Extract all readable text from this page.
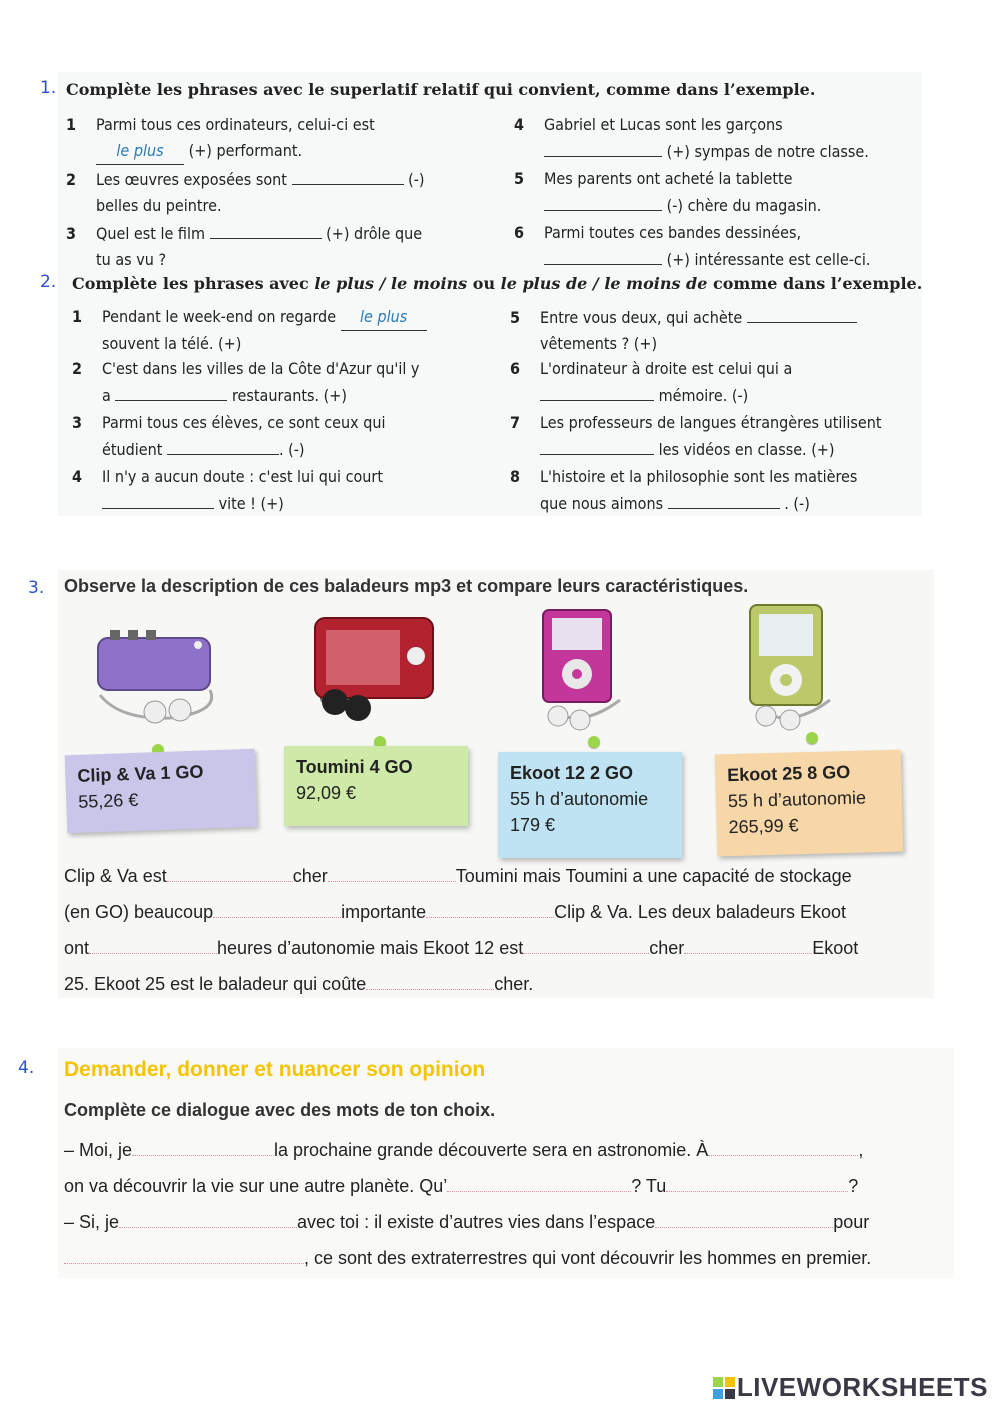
1. Complète les phrases avec le superlatif relatif qui convient, comme dans l’exemple.
1 Parmi tous ces ordinateurs, celui-ci est
le plus (+) performant.
2 Les œuvres exposées sont	(-)
belles du peintre.
3 Quel est le film	(+) drôle que
tu as vu ?
4 Gabriel et Lucas sont les garçons
(+) sympas de notre classe.
5 Mes parents ont acheté la tablette
(-) chère du magasin.
6 Parmi toutes ces bandes dessinées,
(+) intéressante est celle-ci.
2. Complète les phrases avec le plus / le moins ou le plus de / le moins de comme dans l’exemple.
1 Pendant le week-end on regarde le plus
souvent la télé. (+)
2 C'est dans les villes de la Côte d'Azur qu'il y
a	restaurants. (+)
3 Parmi tous ces élèves, ce sont ceux qui
étudient	. (-)
4 Il n'y a aucun doute : c'est lui qui court
vite ! (+)
5 Entre vous deux, qui achète
vêtements ? (+)
6 L'ordinateur à droite est celui qui a
mémoire. (-)
7 Les professeurs de langues étrangères utilisent
les vidéos en classe. (+)
8 L'histoire et la philosophie sont les matières
que nous aimons	. (-)
3. Observe la description de ces baladeurs mp3 et compare leurs caractéristiques.
Clip & Va 1 GO
55,26 €
Toumini 4 GO
92,09 €
Ekoot 12 2 GO
55 h d’autonomie
179 €
Ekoot 25 8 GO
55 h d’autonomie
265,99 €
Clip & Va est	cher	Toumini mais Toumini a une capacité de stockage
(en GO) beaucoup	importante	Clip & Va. Les deux baladeurs Ekoot
ont	heures d’autonomie mais Ekoot 12 est	cher	Ekoot
25. Ekoot 25 est le baladeur qui coûte	cher.
4. Demander, donner et nuancer son opinion
Complète ce dialogue avec des mots de ton choix.
– Moi, je	la prochaine grande découverte sera en astronomie. À	,
on va découvrir la vie sur une autre planète. Qu’	? Tu	?
– Si, je	avec toi : il existe d’autres vies dans l’espace	pour
, ce sont des extraterrestres qui vont découvrir les hommes en premier.
LIVEWORKSHEETS
